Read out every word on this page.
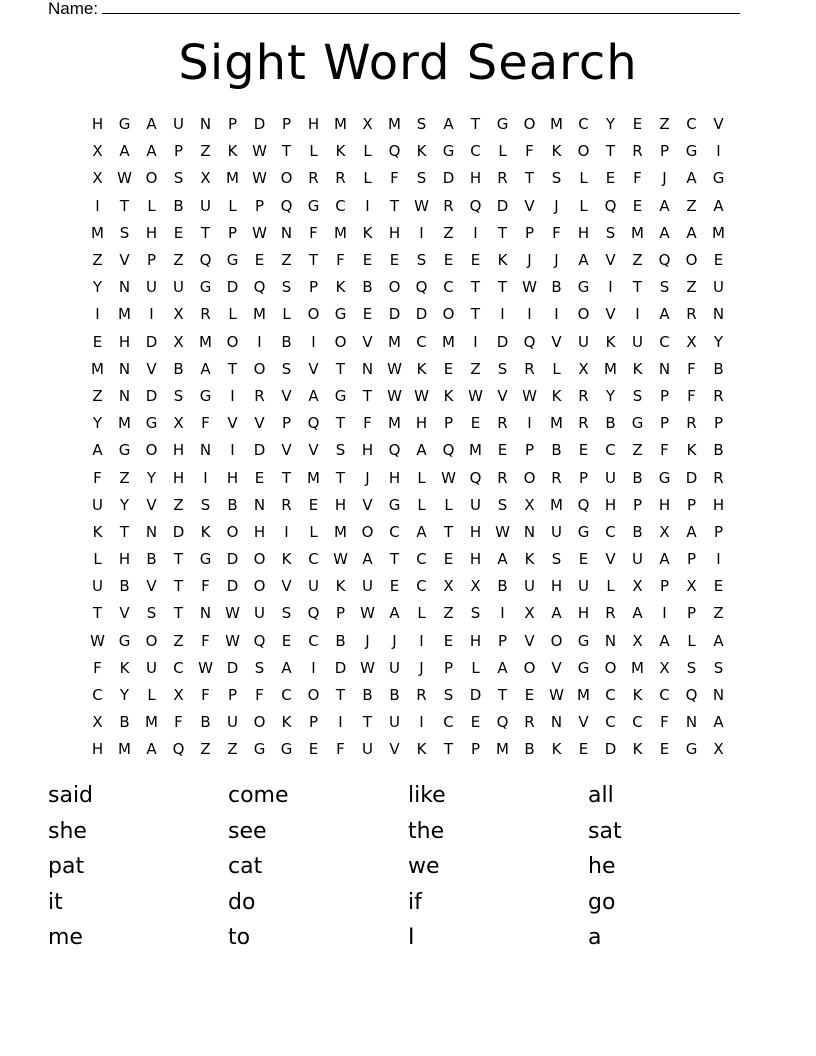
Name:
Sight Word Search
H	G	A	U	N	P	D	P	H M	X	M	S	A	T	G	O M	C	Y	E	Z	C	V
X	A	A	P	Z	K W T	L	K	L	Q	K	G	C	L	F	K	O	T	R	P	G	I
X W O	S	X	M W O	R	R	L	F	S	D	H	R	T	S	L	E	F	J	A	G
I	T	L	B	U	L	P	Q	G	C	I	T	W R	Q	D	V	J	L	Q	E	A	Z	A
M	S	H	E	T	P	W N	F	M	K	H	I	Z	I	T	P	F	H	S	M	A	A	M
Z	V	P	Z	Q	G	E	Z	T	F	E	E	S	E	E	K	J	J	A	V	Z	Q	O	E
Y	N	U	U	G	D	Q	S	P	K	B	O	Q	C	T	T	W B	G	I	T	S	Z	U
I	M	I	X	R	L	M	L	O	G	E	D	D	O	T	I	I	I	O	V	I	A	R	N
E	H	D	X	M O	I	B	I	O	V	M	C	M	I	D	Q	V	U	K	U	C	X	Y
M N	V	B	A	T	O	S	V	T	N W K	E	Z	S	R	L	X	M	K	N	F	B
Z	N	D	S	G	I	R	V	A	G	T	W W K W V W K	R	Y	S	P	F	R
Y	M G	X	F	V	V	P	Q	T	F	M H	P	E	R	I	M	R	B	G	P	R	P
A	G	O	H	N	I	D	V	V	S	H	Q	A	Q M	E	P	B	E	C	Z	F	K	B
F	Z	Y	H	I	H	E	T	M	T	J	H	L	W Q	R	O	R	P	U	B	G	D	R
U	Y	V	Z	S	B	N	R	E	H	V	G	L	L	U	S	X	M Q	H	P	H	P	H
K	T	N	D	K	O	H	I	L	M O	C	A	T	H W N	U	G	C	B	X	A	P
L	H	B	T	G	D	O	K	C W A	T	C	E	H	A	K	S	E	V	U	A	P	I
U	B	V	T	F	D	O	V	U	K	U	E	C	X	X	B	U	H	U	L	X	P	X	E
T	V	S	T	N W U	S	Q	P	W A	L	Z	S	I	X	A	H	R	A	I	P	Z
W G	O	Z	F	W Q	E	C	B	J	J	I	E	H	P	V	O	G	N	X	A	L	A
F	K	U	C W D	S	A	I	D W U	J	P	L	A	O	V	G	O M	X	S	S
C	Y	L	X	F	P	F	C	O	T	B	B	R	S	D	T	E W M	C	K	C	Q	N
X	B	M	F	B	U	O	K	P	I	T	U	I	C	E	Q	R	N	V	C	C	F	N	A
H M	A	Q	Z	Z	G	G	E	F	U	V	K	T	P	M	B	K	E	D	K	E	G	X
said	come	like	all
she	see	the	sat
pat	cat	we	he
it	do	if	go
me	to	I	a
